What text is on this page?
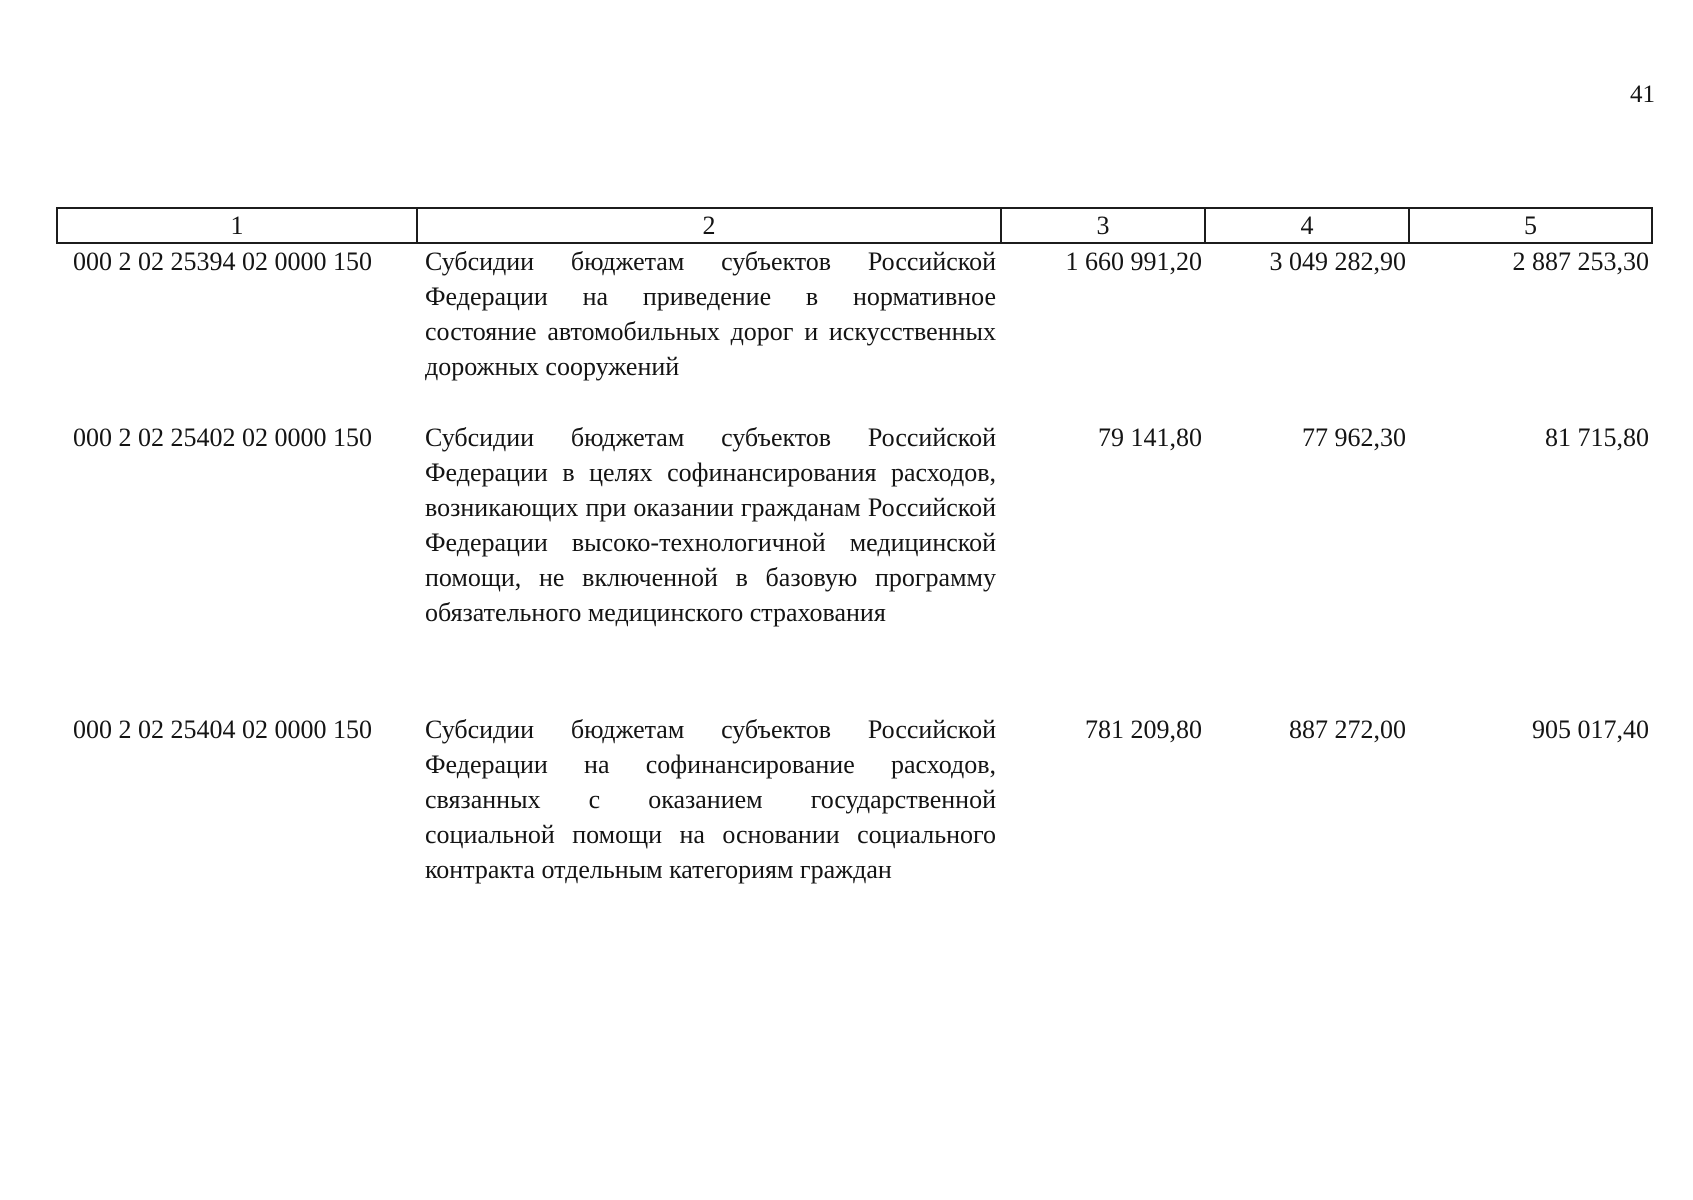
41
1	2	3	4	5
000 2 02 25394 02 0000 150	Субсидии бюджетам субъектов Российской Федерации на приведение в нормативное состояние автомобильных дорог и искусственных дорожных сооружений	1 660 991,20	3 049 282,90	2 887 253,30
000 2 02 25402 02 0000 150	Субсидии бюджетам субъектов Российской Федерации в целях софинансирования расходов, возникающих при оказании гражданам Российской Федерации высоко-технологичной медицинской помощи, не включенной в базовую программу обязательного медицинского страхования	79 141,80	77 962,30	81 715,80
000 2 02 25404 02 0000 150	Субсидии бюджетам субъектов Российской Федерации на софинансирование расходов, связанных с оказанием государственной социальной помощи на основании социального контракта отдельным категориям граждан	781 209,80	887 272,00	905 017,40
